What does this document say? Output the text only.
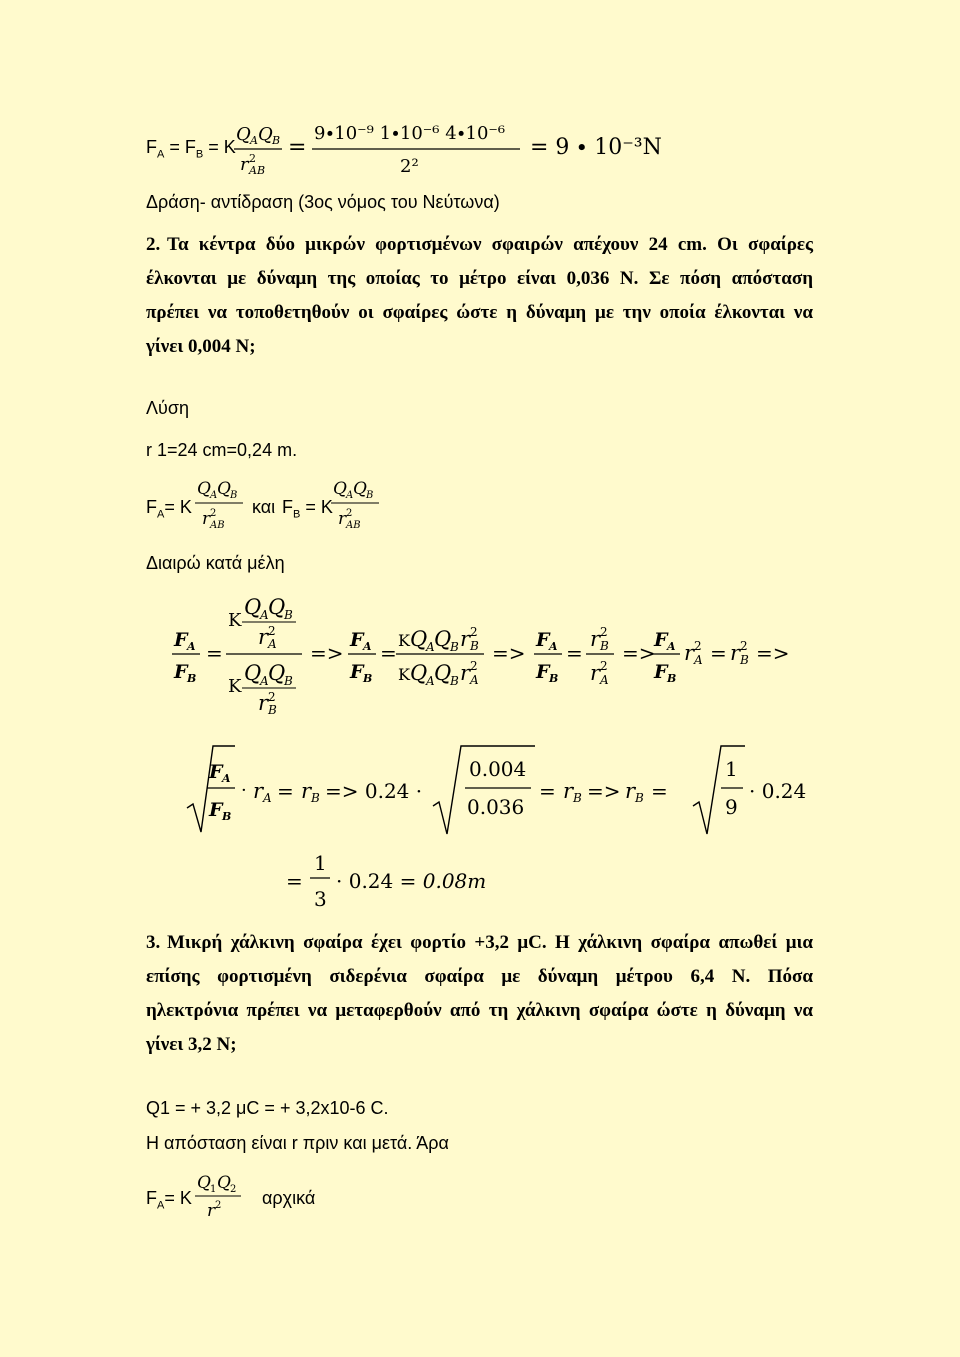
$F_A = F_B = K$
Q A Q B
r 2
AB
=
9∙10⁻⁹ 1∙10⁻⁶ 4∙10⁻⁶
2²
= 9 ∙ 10⁻³N
Δράση- αντίδραση (3ος νόμος του Νεύτωνα)
2. Τα κέντρα δύο μικρών φορτισμένων σφαιρών απέχουν 24 cm. Οι σφαίρες
έλκονται με δύναμη της οποίας το μέτρο είναι 0,036 N. Σε πόση απόσταση
πρέπει να τοποθετηθούν οι σφαίρες ώστε η δύναμη με την οποία έλκονται να
γίνει 0,004 N;
Λύση
r 1=24 cm=0,24 m.
$F_A= K$
Q A Q B
r 2
AB
και $F_B = K$
Q A Q B
r 2
AB
Διαιρώ κατά μέλη
F A
F B
=
K
Q
A Q
B
r 2
A
K
Q
A Q
B
r 2
B
=>
F A
F B
=
K Q
A Q
B r 2
B
K Q
A Q
B r 2
A
=>
F A
F B
=
r 2
B
r 2
A
=>
F A
F B
r 2
A = r 2
B =>
F A
F B
· r A = r B => 0.24 ·
0.004
0.036
= r B => r B =
1
9
· 0.24
=
1
3
· 0.24 = 0.08m
3. Μικρή χάλκινη σφαίρα έχει φορτίο +3,2 μC. Η χάλκινη σφαίρα απωθεί μια
επίσης φορτισμένη σιδερένια σφαίρα με δύναμη μέτρου 6,4 N. Πόσα
ηλεκτρόνια πρέπει να μεταφερθούν από τη χάλκινη σφαίρα ώστε η δύναμη να
γίνει 3,2 N;
Q1 = + 3,2 μC = + 3,2x10-6 C.
Η απόσταση είναι r πριν και μετά. Άρα
$F_A= K$
Q 1 Q 2
r 2 αρχικά
